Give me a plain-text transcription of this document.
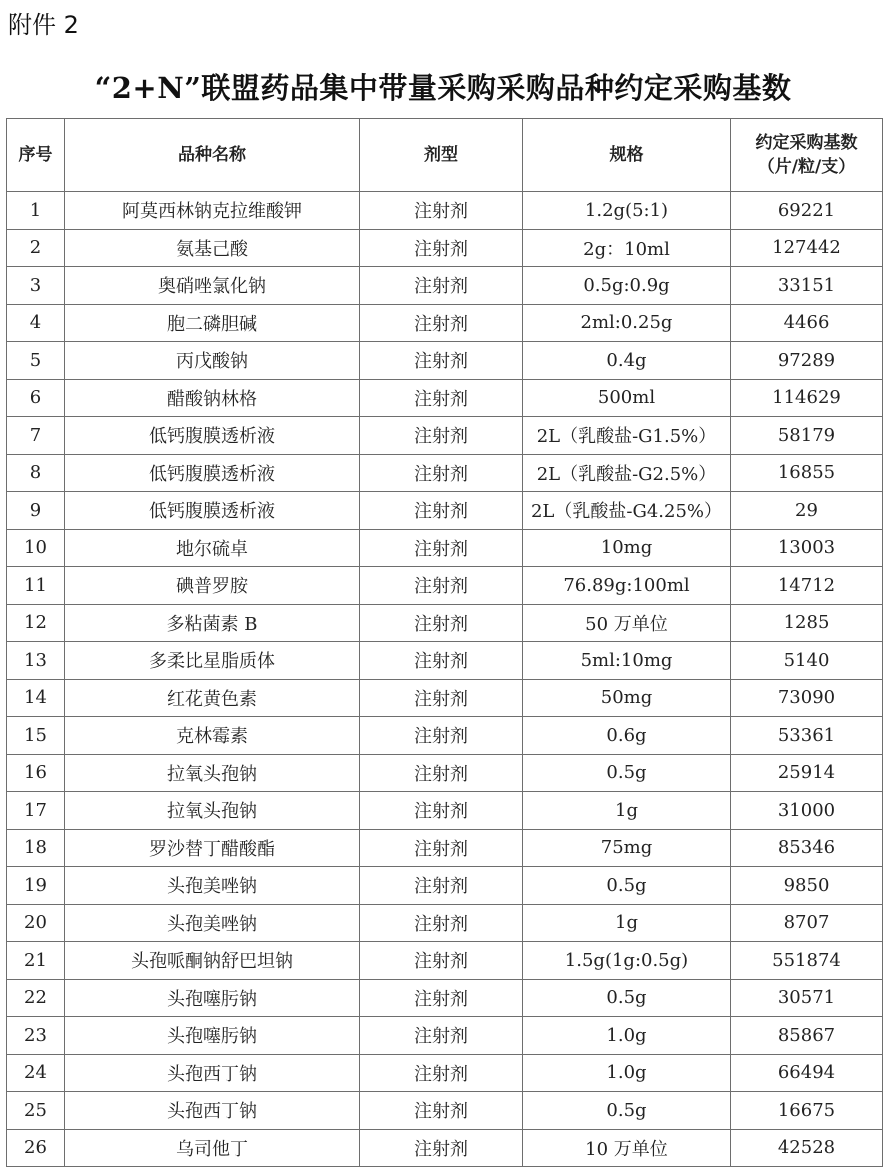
附件 2
“2+N”联盟药品集中带量采购采购品种约定采购基数
序号	品种名称	剂型	规格	约定采购基数
（片/粒/支）

1	阿莫西林钠克拉维酸钾	注射剂	1.2g(5:1)	69221
2	氨基己酸	注射剂	2g：10ml	127442
3	奥硝唑氯化钠	注射剂	0.5g:0.9g	33151
4	胞二磷胆碱	注射剂	2ml:0.25g	4466
5	丙戊酸钠	注射剂	0.4g	97289
6	醋酸钠林格	注射剂	500ml	114629
7	低钙腹膜透析液	注射剂	2L（乳酸盐-G1.5%）	58179
8	低钙腹膜透析液	注射剂	2L（乳酸盐-G2.5%）	16855
9	低钙腹膜透析液	注射剂	2L（乳酸盐-G4.25%）	29
10	地尔硫卓	注射剂	10mg	13003
11	碘普罗胺	注射剂	76.89g:100ml	14712
12	多粘菌素 B	注射剂	50 万单位	1285
13	多柔比星脂质体	注射剂	5ml:10mg	5140
14	红花黄色素	注射剂	50mg	73090
15	克林霉素	注射剂	0.6g	53361
16	拉氧头孢钠	注射剂	0.5g	25914
17	拉氧头孢钠	注射剂	1g	31000
18	罗沙替丁醋酸酯	注射剂	75mg	85346
19	头孢美唑钠	注射剂	0.5g	9850
20	头孢美唑钠	注射剂	1g	8707
21	头孢哌酮钠舒巴坦钠	注射剂	1.5g(1g:0.5g)	551874
22	头孢噻肟钠	注射剂	0.5g	30571
23	头孢噻肟钠	注射剂	1.0g	85867
24	头孢西丁钠	注射剂	1.0g	66494
25	头孢西丁钠	注射剂	0.5g	16675
26	乌司他丁	注射剂	10 万单位	42528
